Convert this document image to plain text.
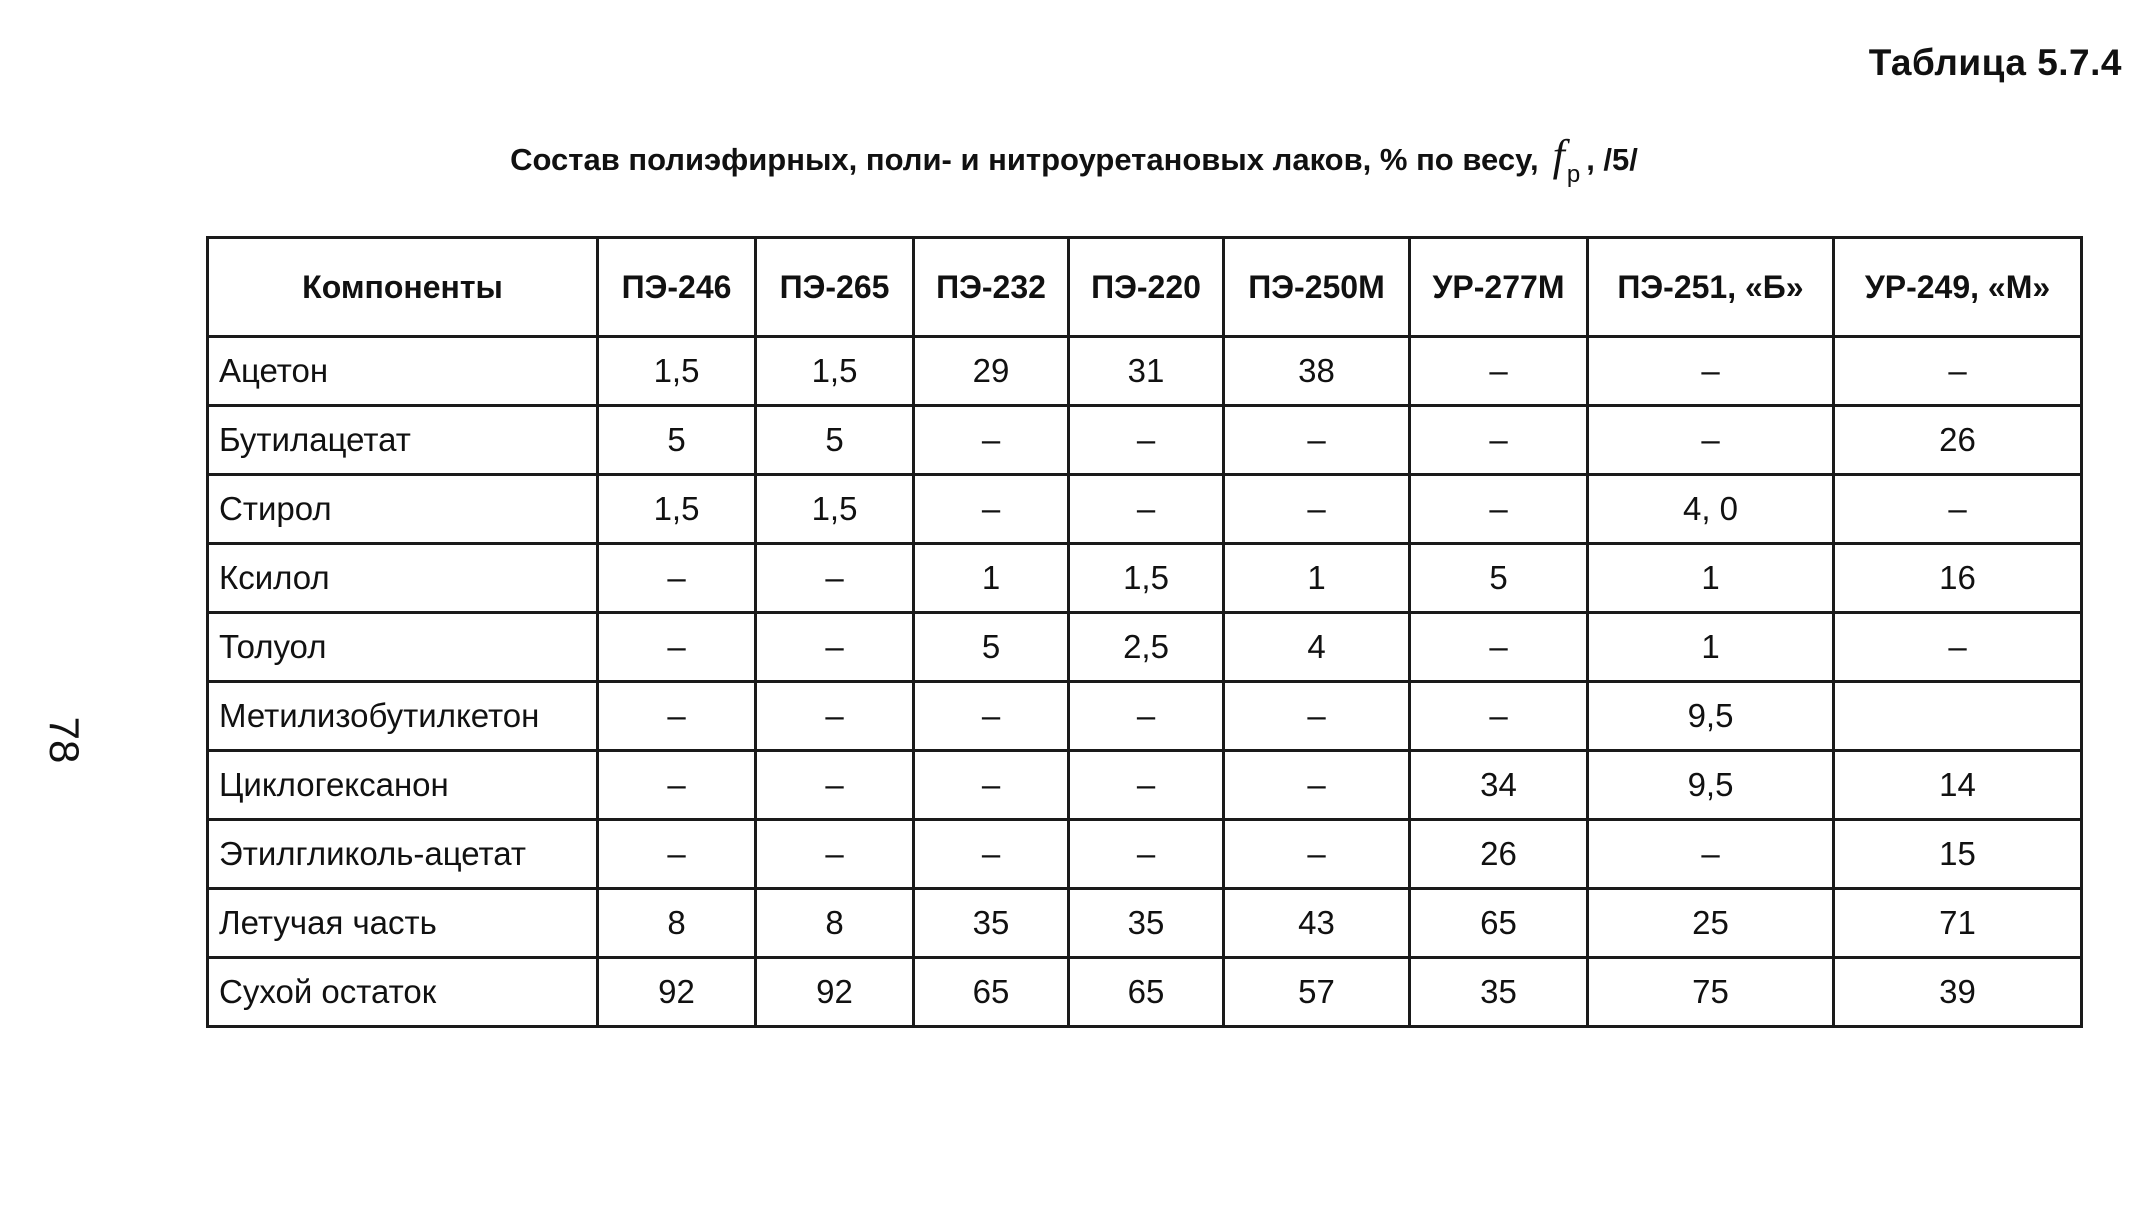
Таблица 5.7.4
Состав полиэфирных, поли- и нитроуретановых лаков, % по весу, $f_p$ , /5/
78
Компоненты	ПЭ-246	ПЭ-265	ПЭ-232	ПЭ-220	ПЭ-250М	УР-277М	ПЭ-251, «Б»	УР-249, «М»
Ацетон	1,5	1,5	29	31	38	–	–	–
Бутилацетат	5	5	–	–	–	–	–	26
Стирол	1,5	1,5	–	–	–	–	4, 0	–
Ксилол	–	–	1	1,5	1	5	1	16
Толуол	–	–	5	2,5	4	–	1	–
Метилизобутилкетон	–	–	–	–	–	–	9,5	
Циклогексанон	–	–	–	–	–	34	9,5	14
Этилгликоль-ацетат	–	–	–	–	–	26	–	15
Летучая часть	8	8	35	35	43	65	25	71
Сухой остаток	92	92	65	65	57	35	75	39
